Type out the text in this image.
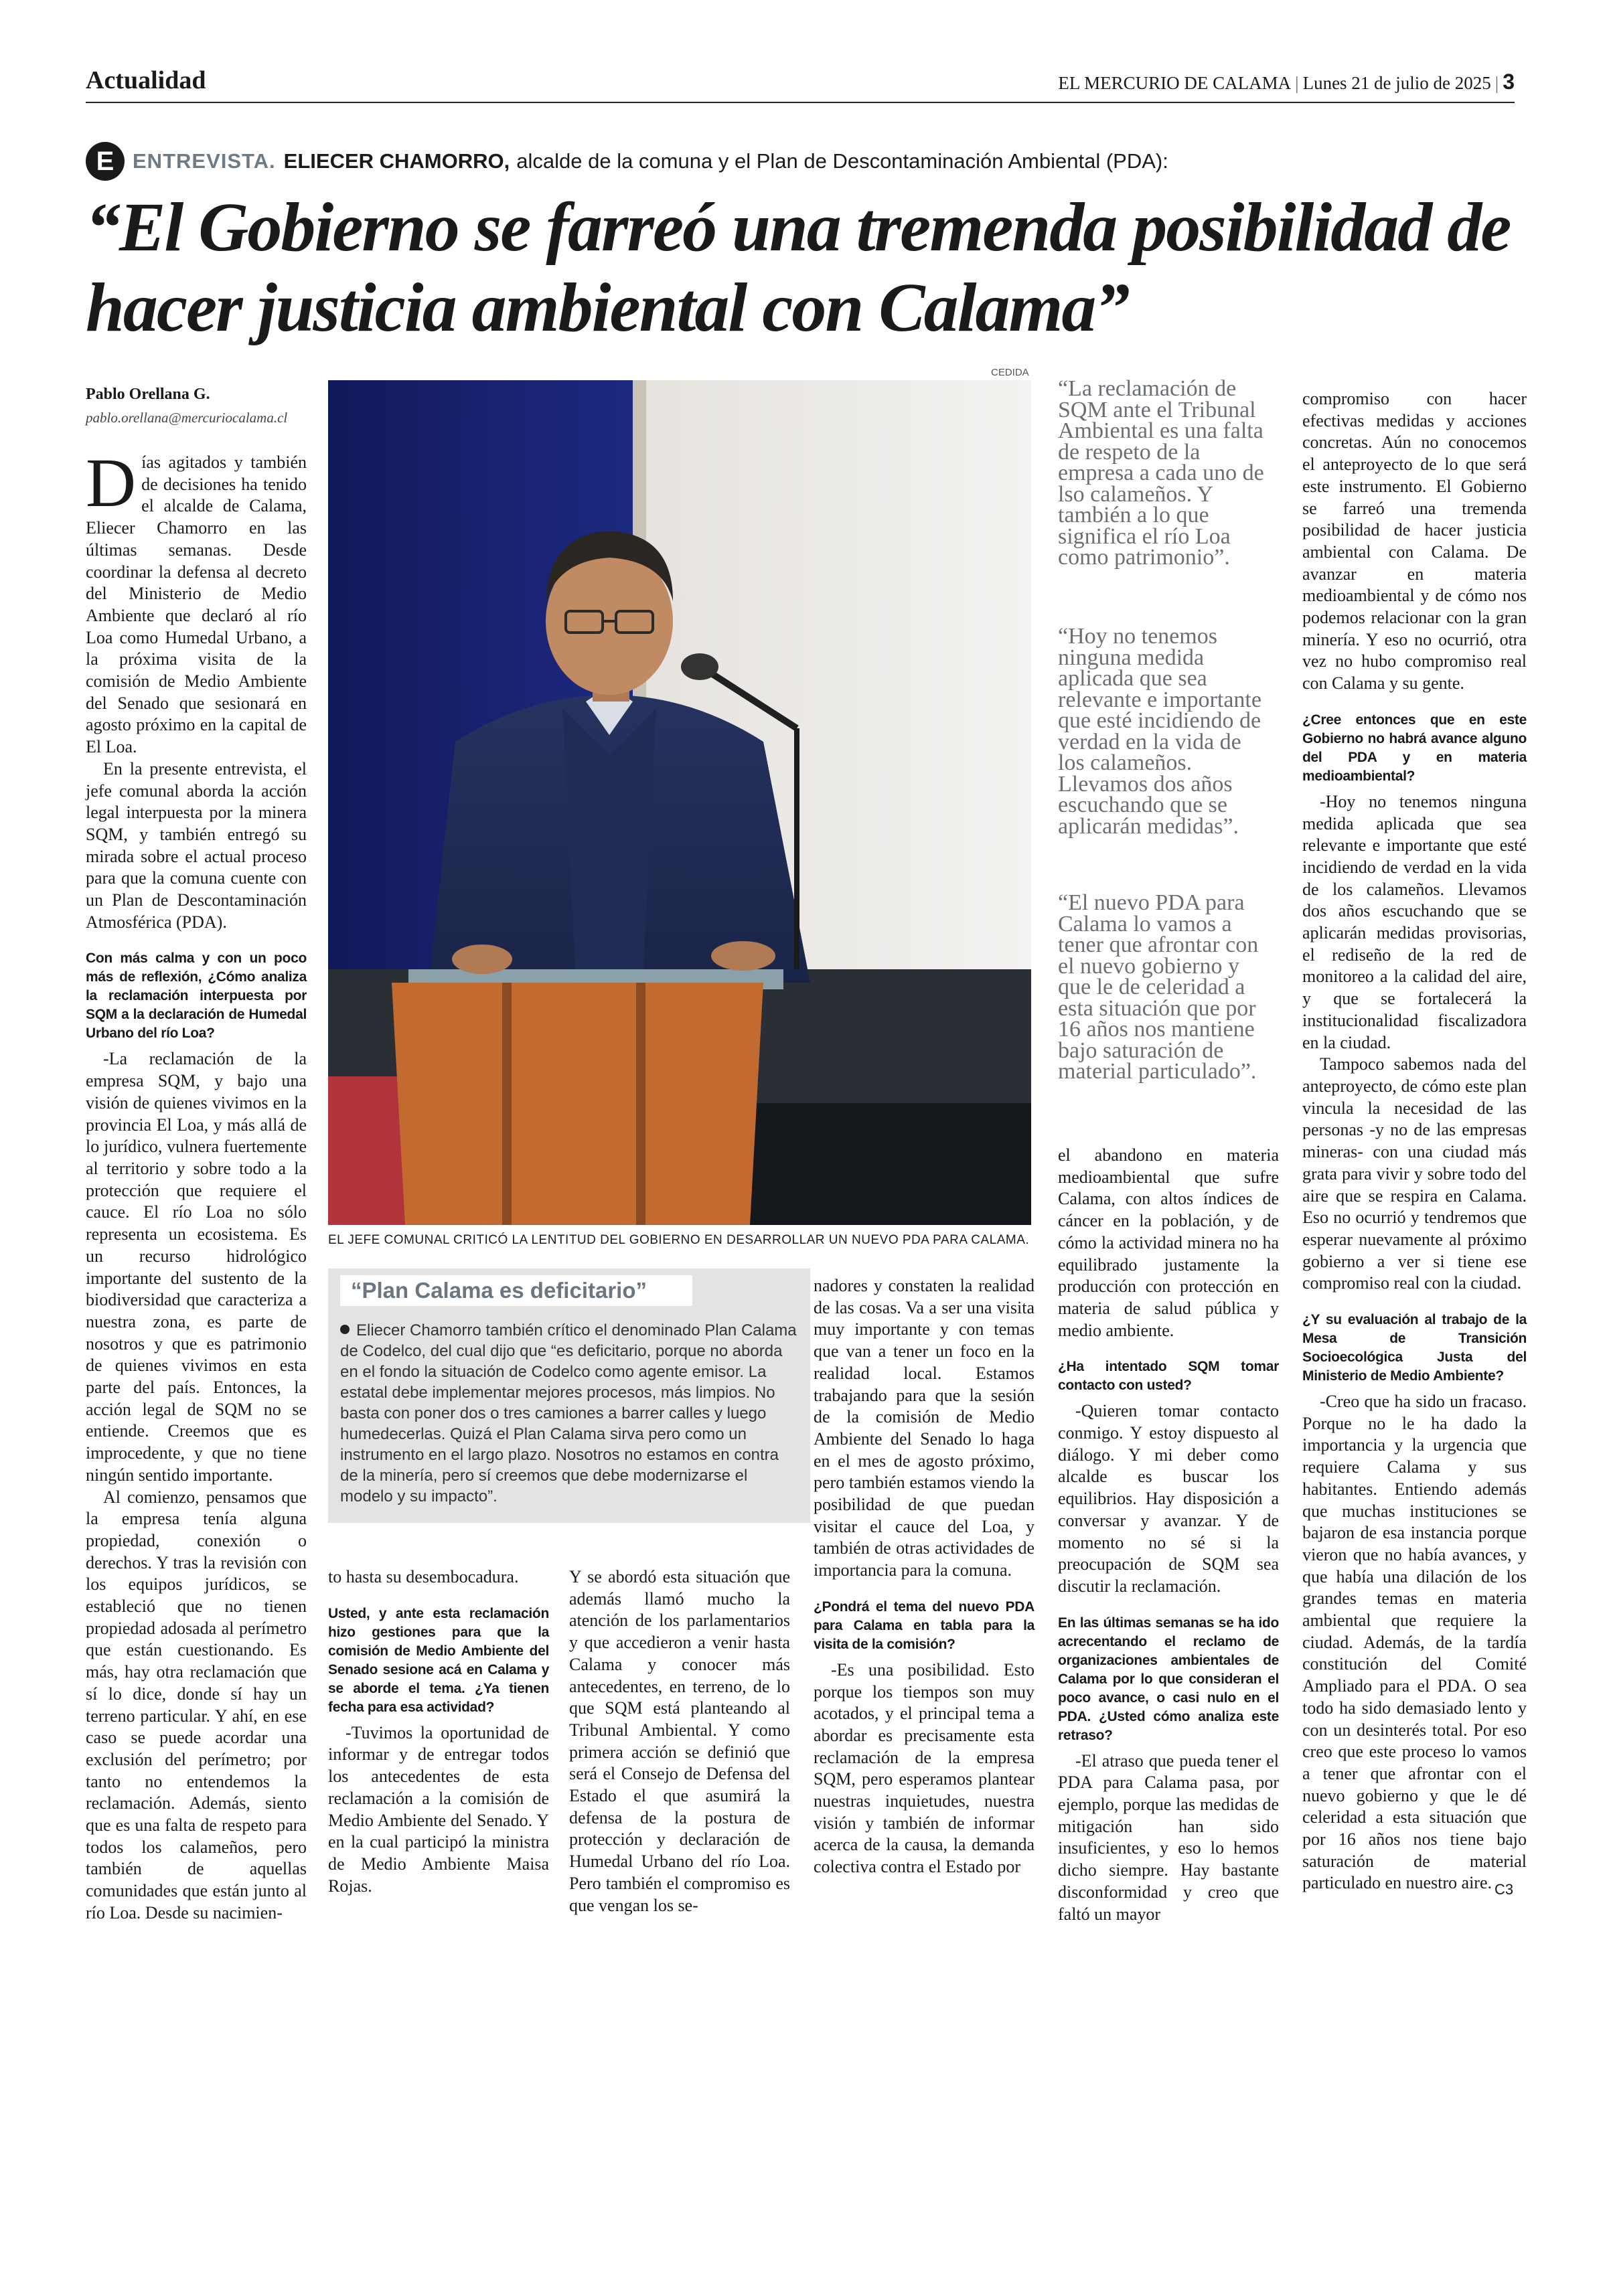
Actualidad	EL MERCURIO DE CALAMA | Lunes 21 de julio de 2025 | 3
E ENTREVISTA. ELIECER CHAMORRO, alcalde de la comuna y el Plan de Descontaminación Ambiental (PDA):
“El Gobierno se farreó una tremenda posibilidad de hacer justicia ambiental con Calama”
Pablo Orellana G.
pablo.orellana@mercuriocalama.cl

Días agitados y también de decisiones ha tenido el alcalde de Calama, Eliecer Chamorro en las últimas semanas. Desde coordinar la defensa al decreto del Ministerio de Medio Ambiente que declaró al río Loa como Humedal Urbano, a la próxima visita de la comisión de Medio Ambiente del Senado que sesionará en agosto próximo en la capital de El Loa.

En la presente entrevista, el jefe comunal aborda la acción legal interpuesta por la minera SQM, y también entregó su mirada sobre el actual proceso para que la comuna cuente con un Plan de Descontaminación Atmosférica (PDA).

Con más calma y con un poco más de reflexión, ¿Cómo analiza la reclamación interpuesta por SQM a la declaración de Humedal Urbano del río Loa?

-La reclamación de la empresa SQM, y bajo una visión de quienes vivimos en la provincia El Loa, y más allá de lo jurídico, vulnera fuertemente al territorio y sobre todo a la protección que requiere el cauce. El río Loa no sólo representa un ecosistema. Es un recurso hidrológico importante del sustento de la biodiversidad que caracteriza a nuestra zona, es parte de nosotros y que es patrimonio de quienes vivimos en esta parte del país. Entonces, la acción legal de SQM no se entiende. Creemos que es improcedente, y que no tiene ningún sentido importante.

Al comienzo, pensamos que la empresa tenía alguna propiedad, conexión o derechos. Y tras la revisión con los equipos jurídicos, se estableció que no tienen propiedad adosada al perímetro que están cuestionando. Es más, hay otra reclamación que sí lo dice, donde sí hay un terreno particular. Y ahí, en ese caso se puede acordar una exclusión del perímetro; por tanto no entendemos la reclamación. Además, siento que es una falta de respeto para todos los calameños, pero también de aquellas comunidades que están junto al río Loa. Desde su nacimien-

CEDIDA
EL JEFE COMUNAL CRITICÓ LA LENTITUD DEL GOBIERNO EN DESARROLLAR UN NUEVO PDA PARA CALAMA.
“La reclamación de SQM ante el Tribunal Ambiental es una falta de respeto de la empresa a cada uno de lso calameños. Y también a lo que significa el río Loa como patrimonio”.
“Hoy no tenemos ninguna medida aplicada que sea relevante e importante que esté incidiendo de verdad en la vida de los calameños. Llevamos dos años escuchando que se aplicarán medidas”.
“El nuevo PDA para Calama lo vamos a tener que afrontar con el nuevo gobierno y que le de celeridad a esta situación que por 16 años nos mantiene bajo saturación de material particulado”.
“Plan Calama es deficitario”
Eliecer Chamorro también crítico el denominado Plan Calama de Codelco, del cual dijo que “es deficitario, porque no aborda en el fondo la situación de Codelco como agente emisor. La estatal debe implementar mejores procesos, más limpios. No basta con poner dos o tres camiones a barrer calles y luego humedecerlas. Quizá el Plan Calama sirva pero como un instrumento en el largo plazo. Nosotros no estamos en contra de la minería, pero sí creemos que debe modernizarse el modelo y su impacto”.

to hasta su desembocadura.

Usted, y ante esta reclamación hizo gestiones para que la comisión de Medio Ambiente del Senado sesione acá en Calama y se aborde el tema. ¿Ya tienen fecha para esa actividad?

-Tuvimos la oportunidad de informar y de entregar todos los antecedentes de esta reclamación a la comisión de Medio Ambiente del Senado. Y en la cual participó la ministra de Medio Ambiente Maisa Rojas.

Y se abordó esta situación que además llamó mucho la atención de los parlamentarios y que accedieron a venir hasta Calama y conocer más antecedentes, en terreno, de lo que SQM está planteando al Tribunal Ambiental. Y como primera acción se definió que será el Consejo de Defensa del Estado el que asumirá la defensa de la postura de protección y declaración de Humedal Urbano del río Loa. Pero también el compromiso es que vengan los se-

nadores y constaten la realidad de las cosas. Va a ser una visita muy importante y con temas que van a tener un foco en la realidad local. Estamos trabajando para que la sesión de la comisión de Medio Ambiente del Senado lo haga en el mes de agosto próximo, pero también estamos viendo la posibilidad de que puedan visitar el cauce del Loa, y también de otras actividades de importancia para la comuna.

¿Pondrá el tema del nuevo PDA para Calama en tabla para la visita de la comisión?

-Es una posibilidad. Esto porque los tiempos son muy acotados, y el principal tema a abordar es precisamente esta reclamación de la empresa SQM, pero esperamos plantear nuestras inquietudes, nuestra visión y también de informar acerca de la causa, la demanda colectiva contra el Estado por

el abandono en materia medioambiental que sufre Calama, con altos índices de cáncer en la población, y de cómo la actividad minera no ha equilibrado justamente la producción con protección en materia de salud pública y medio ambiente.

¿Ha intentado SQM tomar contacto con usted?

-Quieren tomar contacto conmigo. Y estoy dispuesto al diálogo. Y mi deber como alcalde es buscar los equilibrios. Hay disposición a conversar y avanzar. Y de momento no sé si la preocupación de SQM sea discutir la reclamación.

En las últimas semanas se ha ido acrecentando el reclamo de organizaciones ambientales de Calama por lo que consideran el poco avance, o casi nulo en el PDA. ¿Usted cómo analiza este retraso?

-El atraso que pueda tener el PDA para Calama pasa, por ejemplo, porque las medidas de mitigación han sido insuficientes, y eso lo hemos dicho siempre. Hay bastante disconformidad y creo que faltó un mayor

compromiso con hacer efectivas medidas y acciones concretas. Aún no conocemos el anteproyecto de lo que será este instrumento. El Gobierno se farreó una tremenda posibilidad de hacer justicia ambiental con Calama. De avanzar en materia medioambiental y de cómo nos podemos relacionar con la gran minería. Y eso no ocurrió, otra vez no hubo compromiso real con Calama y su gente.

¿Cree entonces que en este Gobierno no habrá avance alguno del PDA y en materia medioambiental?

-Hoy no tenemos ninguna medida aplicada que sea relevante e importante que esté incidiendo de verdad en la vida de los calameños. Llevamos dos años escuchando que se aplicarán medidas provisorias, el rediseño de la red de monitoreo a la calidad del aire, y que se fortalecerá la institucionalidad fiscalizadora en la ciudad.

Tampoco sabemos nada del anteproyecto, de cómo este plan vincula la necesidad de las personas -y no de las empresas mineras- con una ciudad más grata para vivir y sobre todo del aire que se respira en Calama. Eso no ocurrió y tendremos que esperar nuevamente al próximo gobierno a ver si tiene ese compromiso real con la ciudad.

¿Y su evaluación al trabajo de la Mesa de Transición Socioecológica Justa del Ministerio de Medio Ambiente?

-Creo que ha sido un fracaso. Porque no le ha dado la importancia y la urgencia que requiere Calama y sus habitantes. Entiendo además que muchas instituciones se bajaron de esa instancia porque vieron que no había avances, y que había una dilación de los grandes temas en materia ambiental que requiere la ciudad. Además, de la tardía constitución del Comité Ampliado para el PDA. O sea todo ha sido demasiado lento y con un desinterés total. Por eso creo que este proceso lo vamos a tener que afrontar con el nuevo gobierno y que le dé celeridad a esta situación que por 16 años nos tiene bajo saturación de material particulado en nuestro aire. C3
